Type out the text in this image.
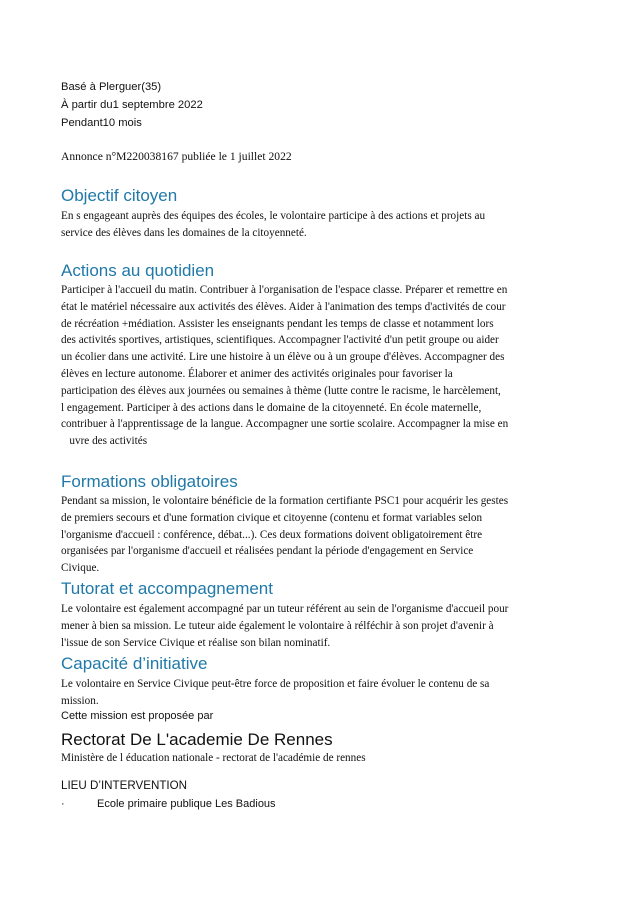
Basé à Plerguer(35)
À partir du1 septembre 2022
Pendant10 mois
Annonce n°M220038167 publiée le 1 juillet 2022
Objectif citoyen
En s engageant auprès des équipes des écoles, le volontaire participe à des actions et projets au
service des élèves dans les domaines de la citoyenneté.
Actions au quotidien
Participer à l'accueil du matin. Contribuer à l'organisation de l'espace classe. Préparer et remettre en
état le matériel nécessaire aux activités des élèves. Aider à l'animation des temps d'activités de cour
de récréation +médiation. Assister les enseignants pendant les temps de classe et notamment lors
des activités sportives, artistiques, scientifiques. Accompagner l'activité d'un petit groupe ou aider
un écolier dans une activité. Lire une histoire à un élève ou à un groupe d'élèves. Accompagner des
élèves en lecture autonome. Élaborer et animer des activités originales pour favoriser la
participation des élèves aux journées ou semaines à thème (lutte contre le racisme, le harcèlement,
l engagement. Participer à des actions dans le domaine de la citoyenneté. En école maternelle,
contribuer à l'apprentissage de la langue. Accompagner une sortie scolaire. Accompagner la mise en
uvre des activités
Formations obligatoires
Pendant sa mission, le volontaire bénéficie de la formation certifiante PSC1 pour acquérir les gestes
de premiers secours et d'une formation civique et citoyenne (contenu et format variables selon
l'organisme d'accueil : conférence, débat...). Ces deux formations doivent obligatoirement être
organisées par l'organisme d'accueil et réalisées pendant la période d'engagement en Service
Civique.
Tutorat et accompagnement
Le volontaire est également accompagné par un tuteur référent au sein de l'organisme d'accueil pour
mener à bien sa mission. Le tuteur aide également le volontaire à rélféchir à son projet d'avenir à
l'issue de son Service Civique et réalise son bilan nominatif.
Capacité d’initiative
Le volontaire en Service Civique peut-être force de proposition et faire évoluer le contenu de sa
mission.
Cette mission est proposée par
Rectorat De L'academie De Rennes
Ministère de l éducation nationale - rectorat de l'académie de rennes
LIEU D’INTERVENTION
·	Ecole primaire publique Les Badious
